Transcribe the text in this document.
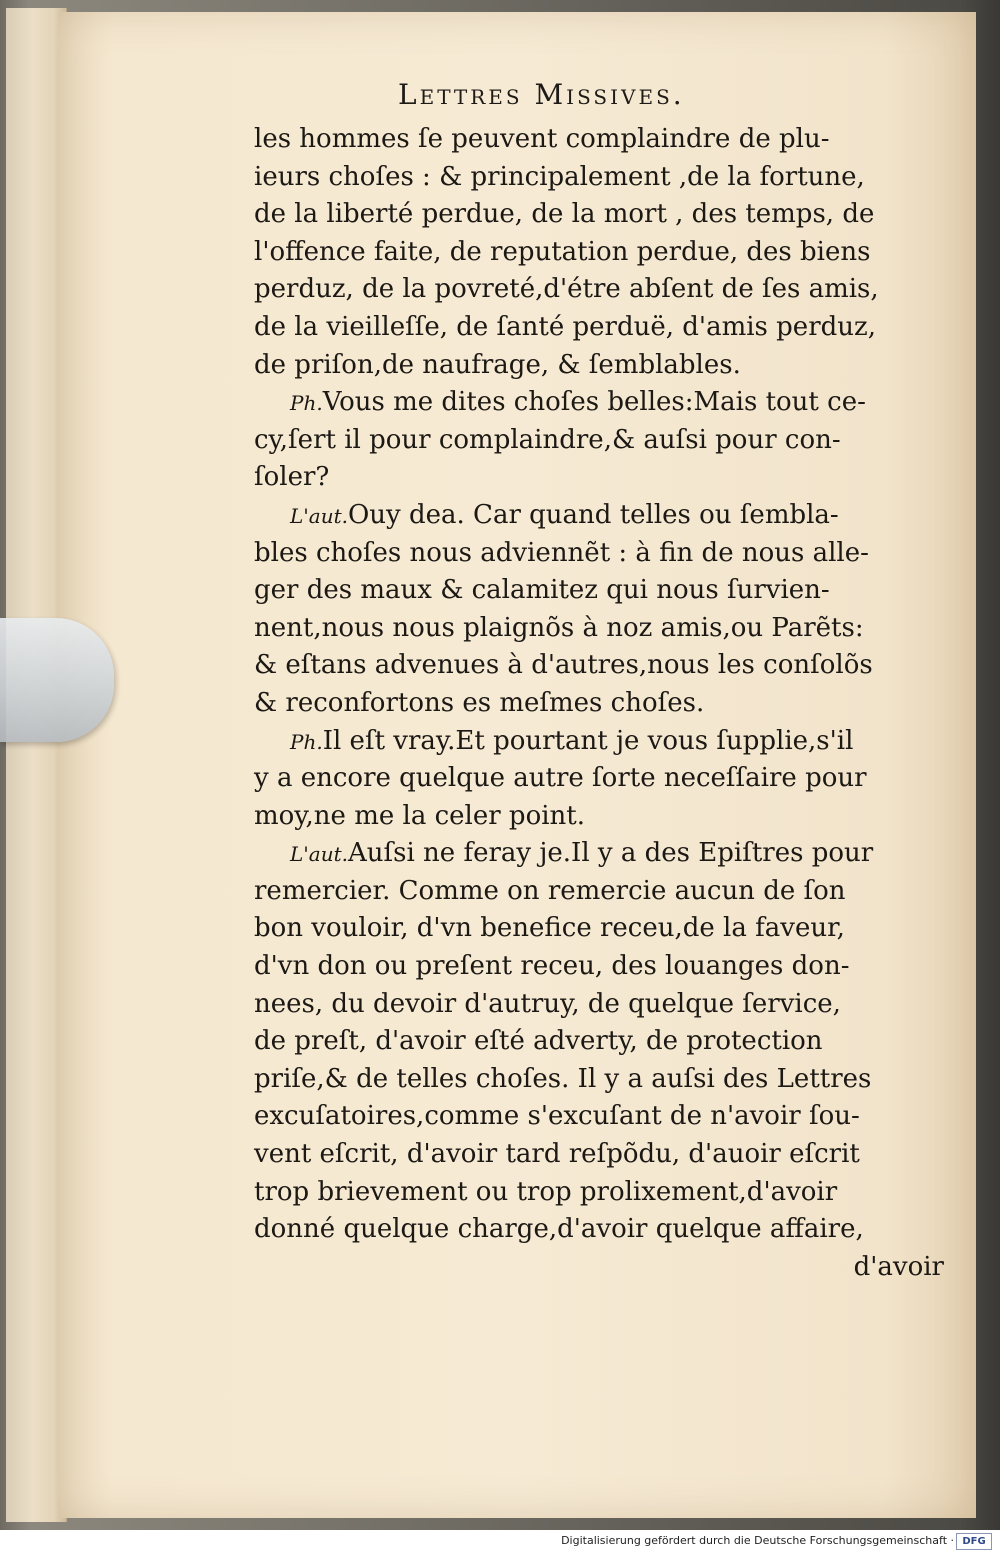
Lettres Missives.
les hommes ſe peuvent complaindre de plu-
ieurs choſes : & principalement ,de la fortune,
de la liberté perdue, de la mort , des temps, de
l'offence faite, de reputation perdue, des biens
perduz, de la povreté,d'étre abſent de ſes amis,
de la vieilleſſe, de ſanté perduë, d'amis perduz,
de priſon,de naufrage, & ſemblables.
Ph.Vous me dites choſes belles:Mais tout ce-
cy,ſert il pour complaindre,& auſsi pour con-
ſoler?
L'aut.Ouy dea. Car quand telles ou ſembla-
bles choſes nous adviennẽt : à fin de nous alle-
ger des maux & calamitez qui nous ſurvien-
nent,nous nous plaignõs à noz amis,ou Parẽts:
& eſtans advenues à d'autres,nous les conſolõs
& reconfortons es meſmes choſes.
Ph.Il eſt vray.Et pourtant je vous ſupplie,s'il
y a encore quelque autre ſorte neceſſaire pour
moy,ne me la celer point.
L'aut.Auſsi ne feray je.Il y a des Epiſtres pour
remercier. Comme on remercie aucun de ſon
bon vouloir, d'vn benefice receu,de la faveur,
d'vn don ou preſent receu, des louanges don-
nees, du devoir d'autruy, de quelque ſervice,
de preſt, d'avoir eſté adverty, de protection
priſe,& de telles choſes. Il y a auſsi des Lettres
excuſatoires,comme s'excuſant de n'avoir ſou-
vent eſcrit, d'avoir tard reſpõdu, d'auoir eſcrit
trop brievement ou trop prolixement,d'avoir
donné quelque charge,d'avoir quelque affaire,
d'avoir
Digitalisierung gefördert durch die Deutsche Forschungsgemeinschaft · DFG
